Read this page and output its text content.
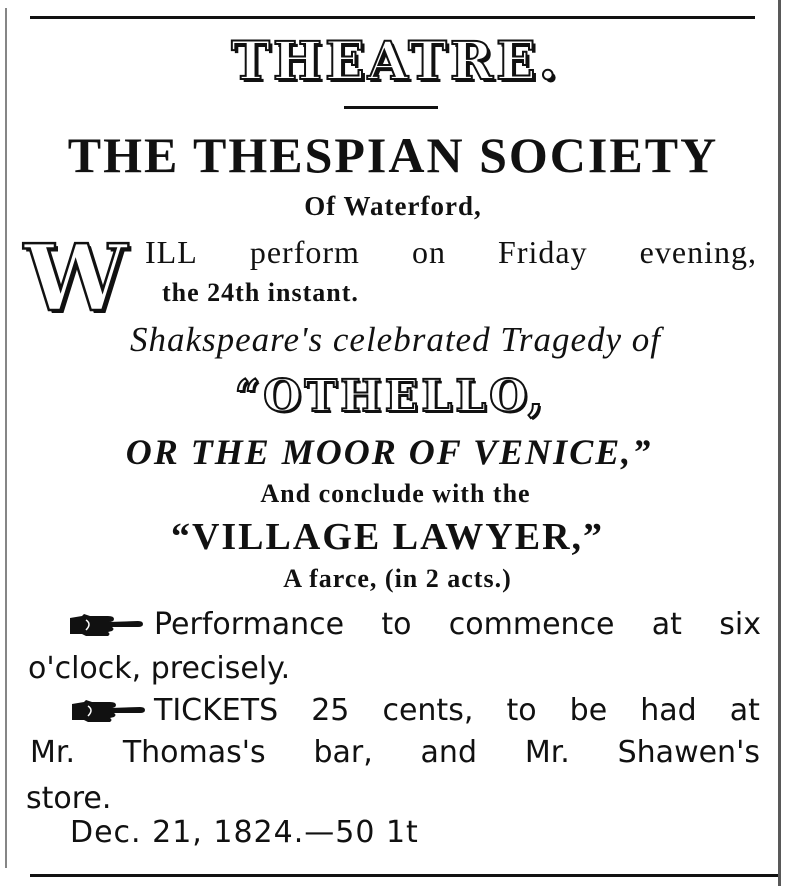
THEATRE.
THE THESPIAN SOCIETY
Of Waterford,
W ILL perform on Friday evening,
the 24th instant.
Shakspeare's celebrated Tragedy of
“OTHELLO,
OR THE MOOR OF VENICE,”
And conclude with the
“VILLAGE LAWYER,”
A farce, (in 2 acts.)
Performance to commence at six
o'clock, precisely.
TICKETS 25 cents, to be had at
Mr. Thomas's bar, and Mr. Shawen's
store.
Dec. 21, 1824.—50 1t
